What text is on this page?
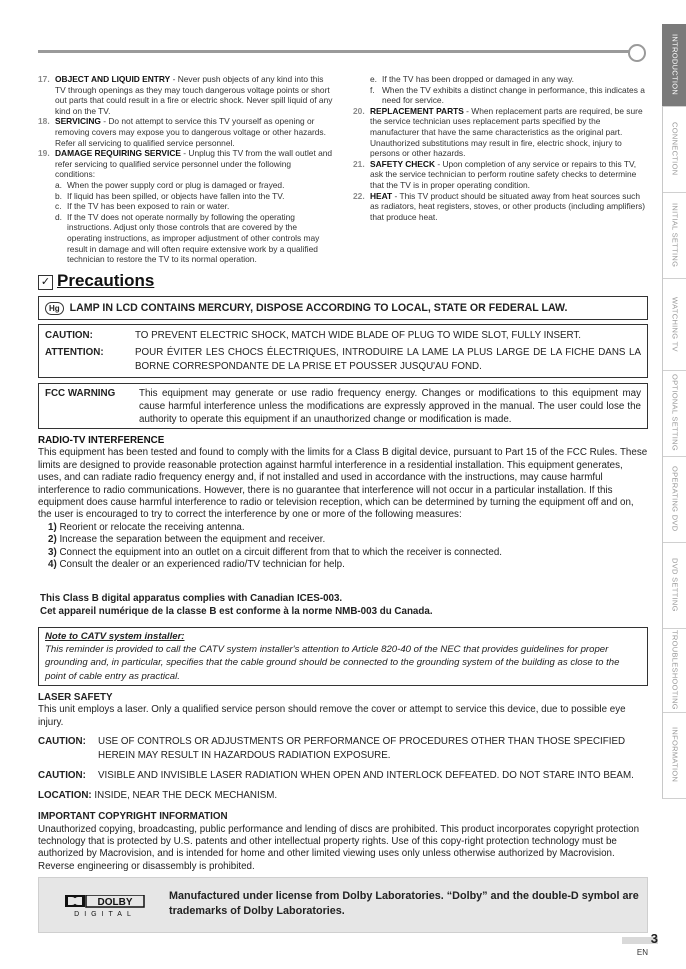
INTRODUCTION
CONNECTION
INITIAL SETTING
WATCHING TV
OPTIONAL SETTING
OPERATING DVD
DVD SETTING
TROUBLESHOOTING
INFORMATION
17. OBJECT AND LIQUID ENTRY - Never push objects of any kind into this TV through openings as they may touch dangerous voltage points or short out parts that could result in a fire or electric shock. Never spill liquid of any kind on the TV.
18. SERVICING - Do not attempt to service this TV yourself as opening or removing covers may expose you to dangerous voltage or other hazards. Refer all servicing to qualified service personnel.
19. DAMAGE REQUIRING SERVICE - Unplug this TV from the wall outlet and refer servicing to qualified service personnel under the following conditions:
a. When the power supply cord or plug is damaged or frayed.
b. If liquid has been spilled, or objects have fallen into the TV.
c. If the TV has been exposed to rain or water.
d. If the TV does not operate normally by following the operating instructions. Adjust only those controls that are covered by the operating instructions, as improper adjustment of other controls may result in damage and will often require extensive work by a qualified technician to restore the TV to its normal operation.
e. If the TV has been dropped or damaged in any way.
f. When the TV exhibits a distinct change in performance, this indicates a need for service.
20. REPLACEMENT PARTS - When replacement parts are required, be sure the service technician uses replacement parts specified by the manufacturer that have the same characteristics as the original part. Unauthorized substitutions may result in fire, electric shock, injury to persons or other hazards.
21. SAFETY CHECK - Upon completion of any service or repairs to this TV, ask the service technician to perform routine safety checks to determine that the TV is in proper operating condition.
22. HEAT - This TV product should be situated away from heat sources such as radiators, heat registers, stoves, or other products (including amplifiers) that produce heat.
✓ Precautions
Hg LAMP IN LCD CONTAINS MERCURY, DISPOSE ACCORDING TO LOCAL, STATE OR FEDERAL LAW.
CAUTION:	TO PREVENT ELECTRIC SHOCK, MATCH WIDE BLADE OF PLUG TO WIDE SLOT, FULLY INSERT.
ATTENTION:	POUR ÉVITER LES CHOCS ÉLECTRIQUES, INTRODUIRE LA LAME LA PLUS LARGE DE LA FICHE DANS LA BORNE CORRESPONDANTE DE LA PRISE ET POUSSER JUSQU'AU FOND.
FCC WARNING	This equipment may generate or use radio frequency energy. Changes or modifications to this equipment may cause harmful interference unless the modifications are expressly approved in the manual. The user could lose the authority to operate this equipment if an unauthorized change or modification is made.
RADIO-TV INTERFERENCE
This equipment has been tested and found to comply with the limits for a Class B digital device, pursuant to Part 15 of the FCC Rules. These limits are designed to provide reasonable protection against harmful interference in a residential installation. This equipment generates, uses, and can radiate radio frequency energy and, if not installed and used in accordance with the instructions, may cause harmful interference to radio communications. However, there is no guarantee that interference will not occur in a particular installation. If this equipment does cause harmful interference to radio or television reception, which can be determined by turning the equipment off and on, the user is encouraged to try to correct the interference by one or more of the following measures:
1) Reorient or relocate the receiving antenna.
2) Increase the separation between the equipment and receiver.
3) Connect the equipment into an outlet on a circuit different from that to which the receiver is connected.
4) Consult the dealer or an experienced radio/TV technician for help.
This Class B digital apparatus complies with Canadian ICES-003.
Cet appareil numérique de la classe B est conforme à la norme NMB-003 du Canada.
Note to CATV system installer:
This reminder is provided to call the CATV system installer's attention to Article 820-40 of the NEC that provides guidelines for proper grounding and, in particular, specifies that the cable ground should be connected to the grounding system of the building as close to the point of cable entry as practical.
LASER SAFETY
This unit employs a laser. Only a qualified service person should remove the cover or attempt to service this device, due to possible eye injury.
CAUTION:	USE OF CONTROLS OR ADJUSTMENTS OR PERFORMANCE OF PROCEDURES OTHER THAN THOSE SPECIFIED HEREIN MAY RESULT IN HAZARDOUS RADIATION EXPOSURE.
CAUTION:	VISIBLE AND INVISIBLE LASER RADIATION WHEN OPEN AND INTERLOCK DEFEATED. DO NOT STARE INTO BEAM.
LOCATION: INSIDE, NEAR THE DECK MECHANISM.
IMPORTANT COPYRIGHT INFORMATION
Unauthorized copying, broadcasting, public performance and lending of discs are prohibited. This product incorporates copyright protection technology that is protected by U.S. patents and other intellectual property rights. Use of this copy-right protection technology must be authorized by Macrovision, and is intended for home and other limited viewing uses only unless otherwise authorized by Macrovision. Reverse engineering or disassembly is prohibited.
DOLBY
DIGITAL
Manufactured under license from Dolby Laboratories. “Dolby” and the double-D symbol are trademarks of Dolby Laboratories.
3
EN
